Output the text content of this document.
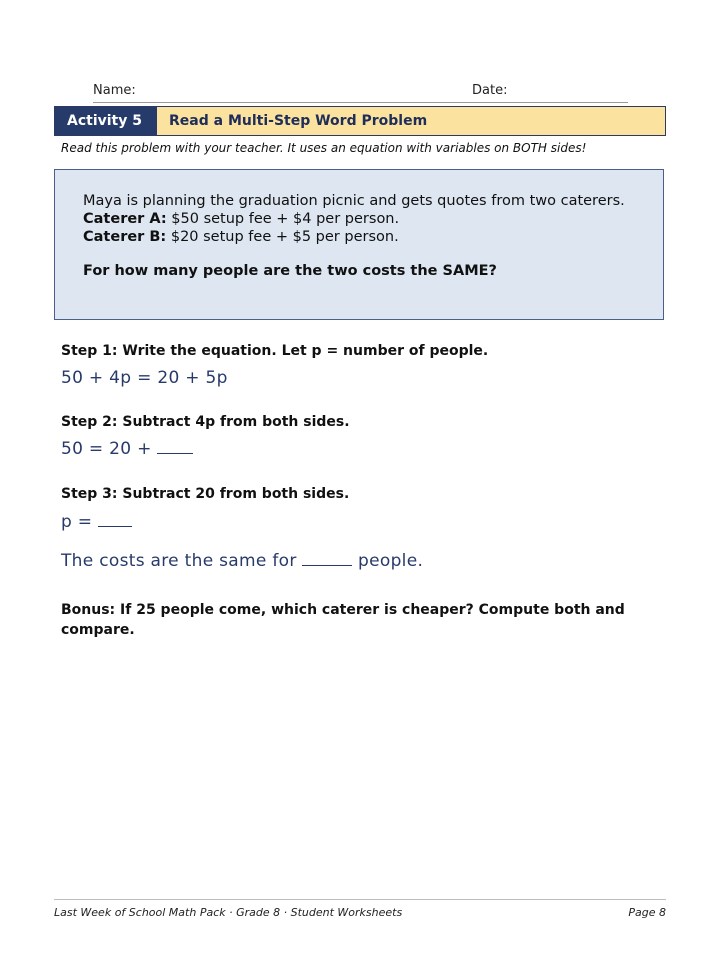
Name:	Date:
Activity 5	Read a Multi-Step Word Problem
Read this problem with your teacher. It uses an equation with variables on BOTH sides!

Maya is planning the graduation picnic and gets quotes from two caterers.

Caterer A: $50 setup fee + $4 per person.

Caterer B: $20 setup fee + $5 per person.

For how many people are the two costs the SAME?

Step 1: Write the equation. Let p = number of people.
50 + 4p = 20 + 5p
Step 2: Subtract 4p from both sides.
50 = 20 +
Step 3: Subtract 20 from both sides.
p =
The costs are the same for	people.
Bonus: If 25 people come, which caterer is cheaper? Compute both and compare.
Last Week of School Math Pack · Grade 8 · Student Worksheets	Page 8
